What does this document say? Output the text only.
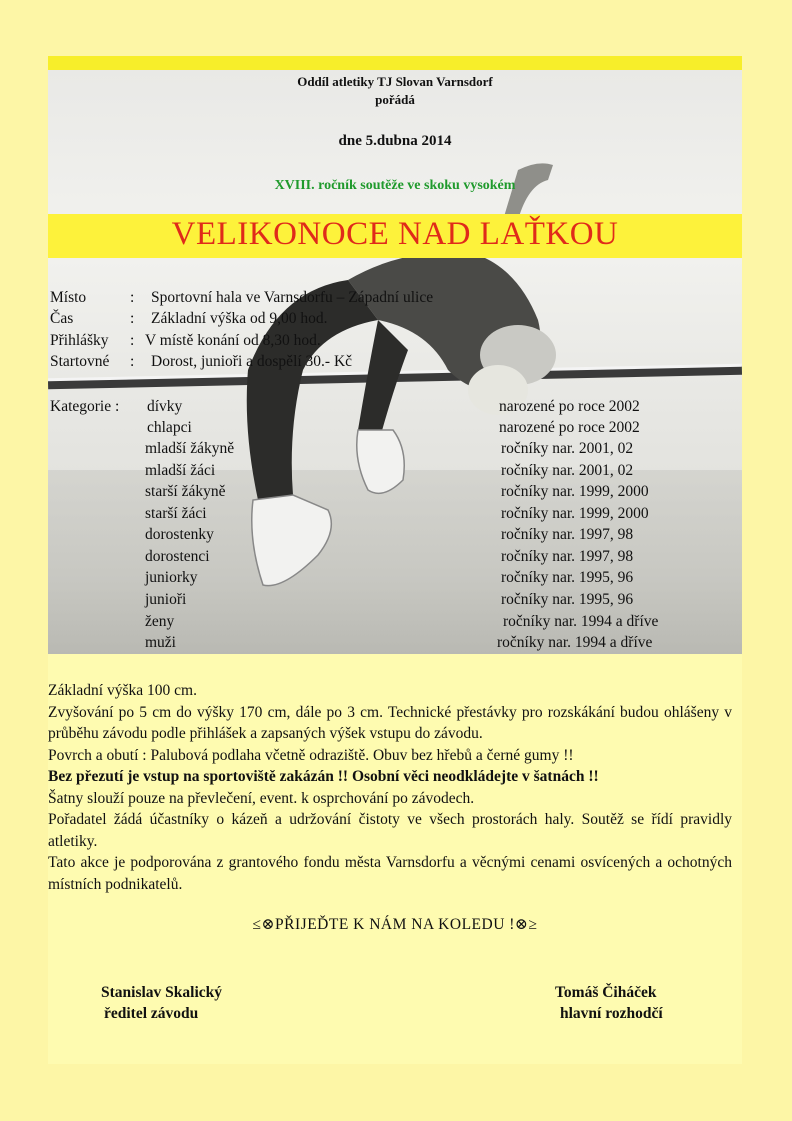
Oddíl atletiky TJ Slovan Varnsdorf
pořádá
dne 5.dubna 2014
XVIII. ročník soutěže ve skoku vysokém
VELIKONOCE NAD LAŤKOU
Místo	: Sportovní hala ve Varnsdorfu – Západní ulice
Čas	: Základní výška od 9,00 hod.
Přihlášky : V místě konání od 8,30 hod.
Startovné : Dorost, junioři a dospělí 30.- Kč
Kategorie : dívky	narozené po roce 2002
chlapci	narozené po roce 2002
mladší žákyně	ročníky nar. 2001, 02
mladší žáci	ročníky nar. 2001, 02
starší žákyně	ročníky nar. 1999, 2000
starší žáci	ročníky nar. 1999, 2000
dorostenky	ročníky nar. 1997, 98
dorostenci	ročníky nar. 1997, 98
juniorky	ročníky nar. 1995, 96
junioři	ročníky nar. 1995, 96
ženy	ročníky nar. 1994 a dříve
muži	ročníky nar. 1994 a dříve

Základní výška 100 cm.

Zvyšování po 5 cm do výšky 170 cm, dále po 3 cm. Technické přestávky pro rozskákání budou ohlášeny v průběhu závodu podle přihlášek a zapsaných výšek vstupu do závodu.

Povrch a obutí : Palubová podlaha včetně odraziště. Obuv bez hřebů a černé gumy !!

Bez přezutí je vstup na sportoviště zakázán !! Osobní věci neodkládejte v šatnách !!

Šatny slouží pouze na převlečení, event. k osprchování po závodech.

Pořadatel žádá účastníky o kázeň a udržování čistoty ve všech prostorách haly. Soutěž se řídí pravidly atletiky.

Tato akce je podporována z grantového fondu města Varnsdorfu a věcnými cenami osvícených a ochotných místních podnikatelů.

≤⊗PŘIJEĎTE K NÁM NA KOLEDU !⊗≥
Stanislav Skalický
ředitel závodu
Tomáš Čiháček
hlavní rozhodčí
